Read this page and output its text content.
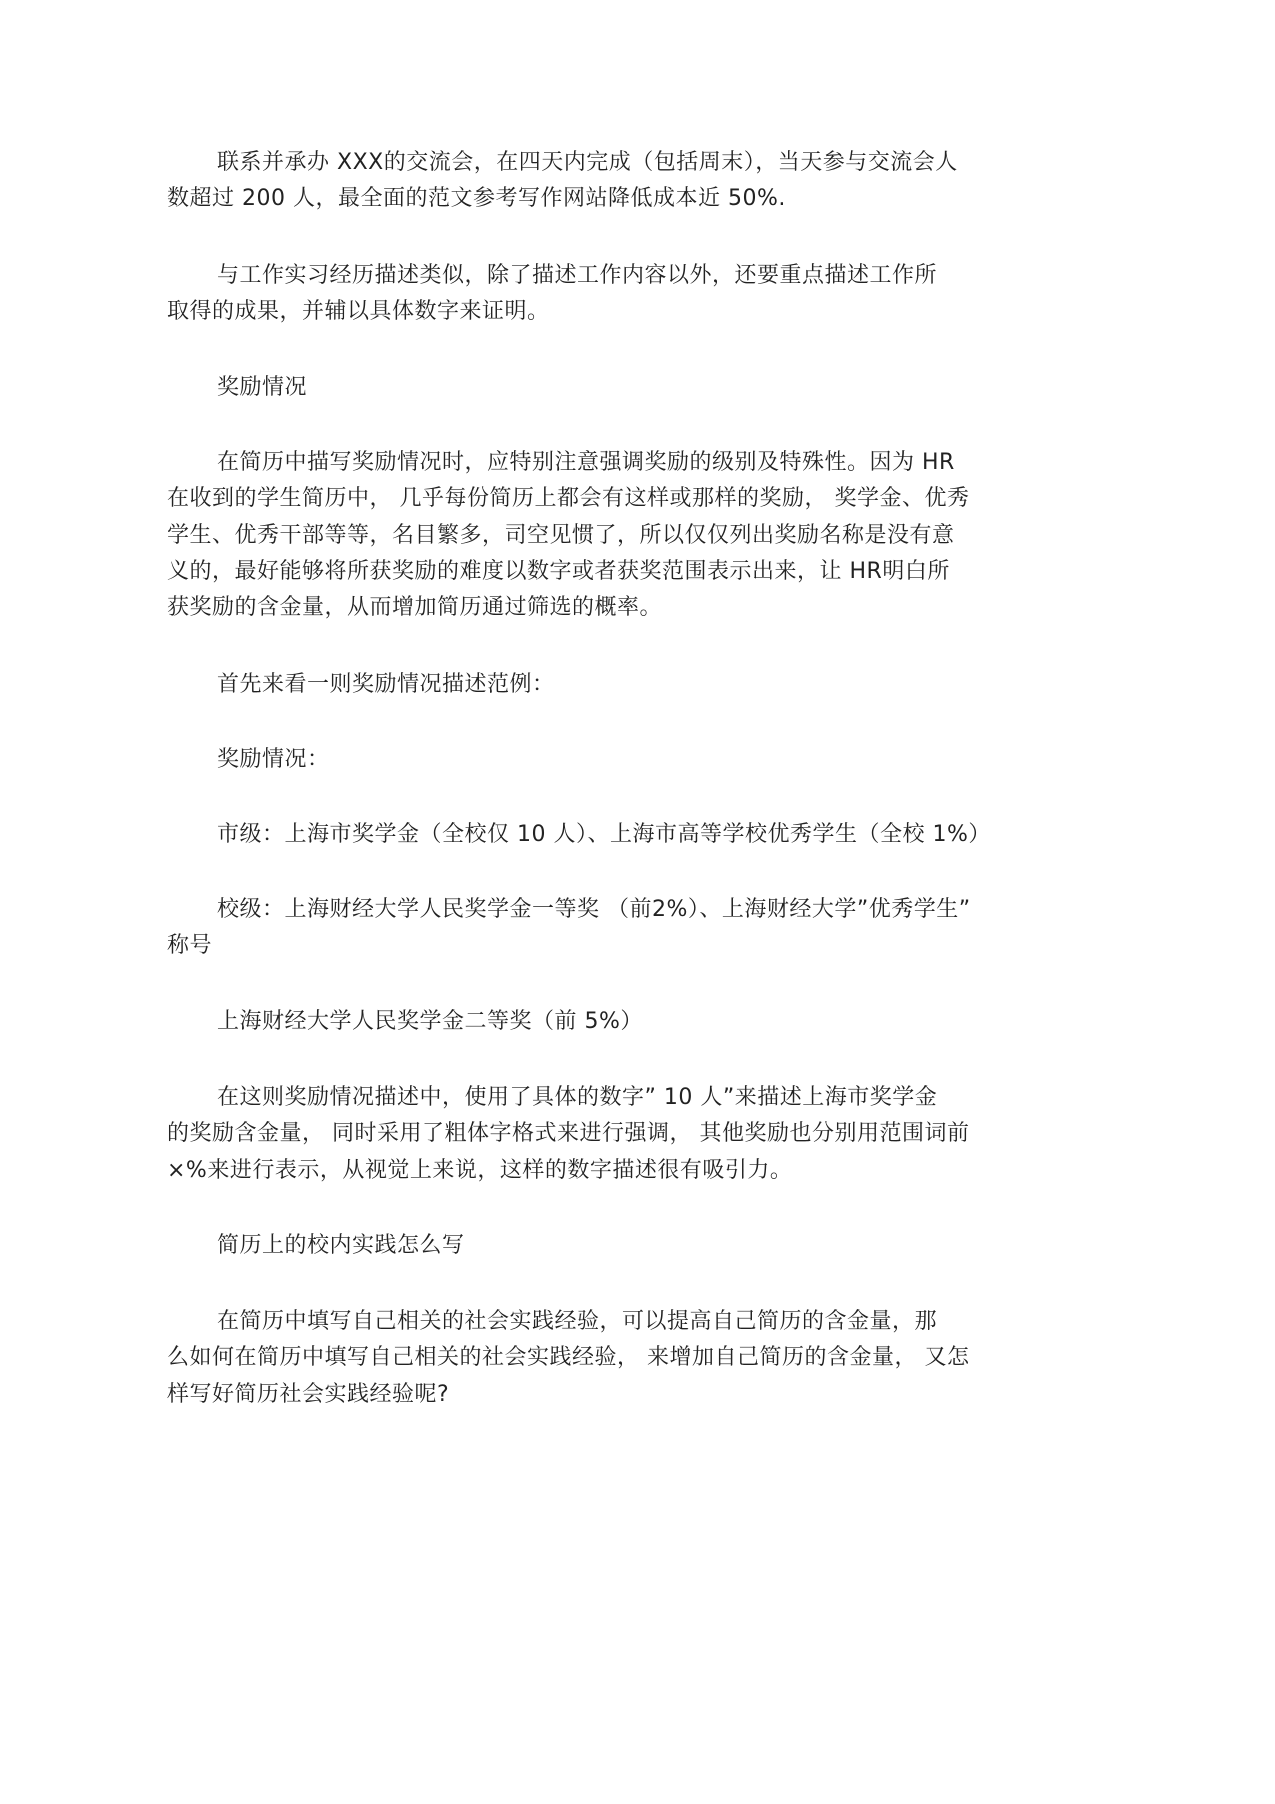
联系并承办 XXX的交流会，在四天内完成（包括周末），当天参与交流会人
数超过 200 人，最全面的范文参考写作网站降低成本近 50%.
与工作实习经历描述类似，除了描述工作内容以外，还要重点描述工作所
取得的成果，并辅以具体数字来证明。
奖励情况
在简历中描写奖励情况时，应特别注意强调奖励的级别及特殊性。因为 HR
在收到的学生简历中， 几乎每份简历上都会有这样或那样的奖励， 奖学金、优秀
学生、优秀干部等等，名目繁多，司空见惯了，所以仅仅列出奖励名称是没有意
义的，最好能够将所获奖励的难度以数字或者获奖范围表示出来，让 HR明白所
获奖励的含金量，从而增加简历通过筛选的概率。
首先来看一则奖励情况描述范例：
奖励情况：
市级：上海市奖学金（全校仅 10 人）、上海市高等学校优秀学生（全校 1%）
校级：上海财经大学人民奖学金一等奖 （前2%）、上海财经大学”优秀学生”
称号
上海财经大学人民奖学金二等奖（前 5%）
在这则奖励情况描述中，使用了具体的数字” 10 人”来描述上海市奖学金
的奖励含金量， 同时采用了粗体字格式来进行强调， 其他奖励也分别用范围词前
×%来进行表示，从视觉上来说，这样的数字描述很有吸引力。
简历上的校内实践怎么写
在简历中填写自己相关的社会实践经验，可以提高自己简历的含金量，那
么如何在简历中填写自己相关的社会实践经验， 来增加自己简历的含金量， 又怎
样写好简历社会实践经验呢?
